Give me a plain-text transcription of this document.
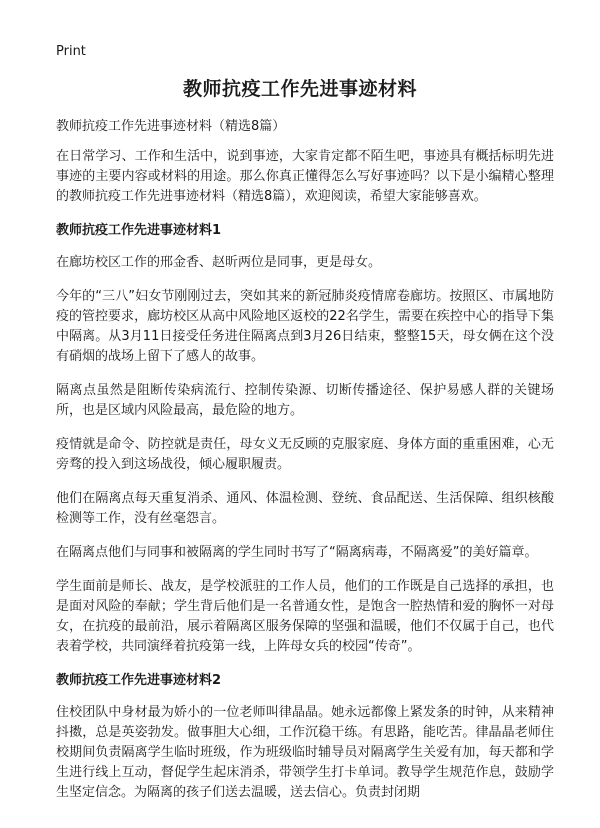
Print
教师抗疫工作先进事迹材料
教师抗疫工作先进事迹材料（精选8篇）

在日常学习、工作和生活中，说到事迹，大家肯定都不陌生吧，事迹具有概括标明先进事迹的主要内容或材料的用途。那么你真正懂得怎么写好事迹吗？以下是小编精心整理的教师抗疫工作先进事迹材料（精选8篇），欢迎阅读，希望大家能够喜欢。

教师抗疫工作先进事迹材料1

在廊坊校区工作的邢金香、赵昕两位是同事，更是母女。

今年的“三八”妇女节刚刚过去，突如其来的新冠肺炎疫情席卷廊坊。按照区、市属地防疫的管控要求，廊坊校区从高中风险地区返校的22名学生，需要在疾控中心的指导下集中隔离。从3月11日接受任务进住隔离点到3月26日结束，整整15天，母女俩在这个没有硝烟的战场上留下了感人的故事。

隔离点虽然是阻断传染病流行、控制传染源、切断传播途径、保护易感人群的关键场所，也是区域内风险最高，最危险的地方。

疫情就是命令、防控就是责任，母女义无反顾的克服家庭、身体方面的重重困难，心无旁骛的投入到这场战役，倾心履职履责。

他们在隔离点每天重复消杀、通风、体温检测、登统、食品配送、生活保障、组织核酸检测等工作，没有丝毫怨言。

在隔离点他们与同事和被隔离的学生同时书写了“隔离病毒，不隔离爱”的美好篇章。

学生面前是师长、战友，是学校派驻的工作人员，他们的工作既是自己选择的承担，也是面对风险的奉献；学生背后他们是一名普通女性，是饱含一腔热情和爱的胸怀一对母女，在抗疫的最前沿，展示着隔离区服务保障的坚强和温暖，他们不仅属于自己，也代表着学校，共同演绎着抗疫第一线，上阵母女兵的校园“传奇”。

教师抗疫工作先进事迹材料2

住校团队中身材最为娇小的一位老师叫律晶晶。她永远都像上紧发条的时钟，从来精神抖擞，总是英姿勃发。做事胆大心细，工作沉稳干练。有思路，能吃苦。律晶晶老师住校期间负责隔离学生临时班级，作为班级临时辅导员对隔离学生关爱有加，每天都和学生进行线上互动，督促学生起床消杀，带领学生打卡单词。教导学生规范作息，鼓励学生坚定信念。为隔离的孩子们送去温暖，送去信心。负责封闭期
